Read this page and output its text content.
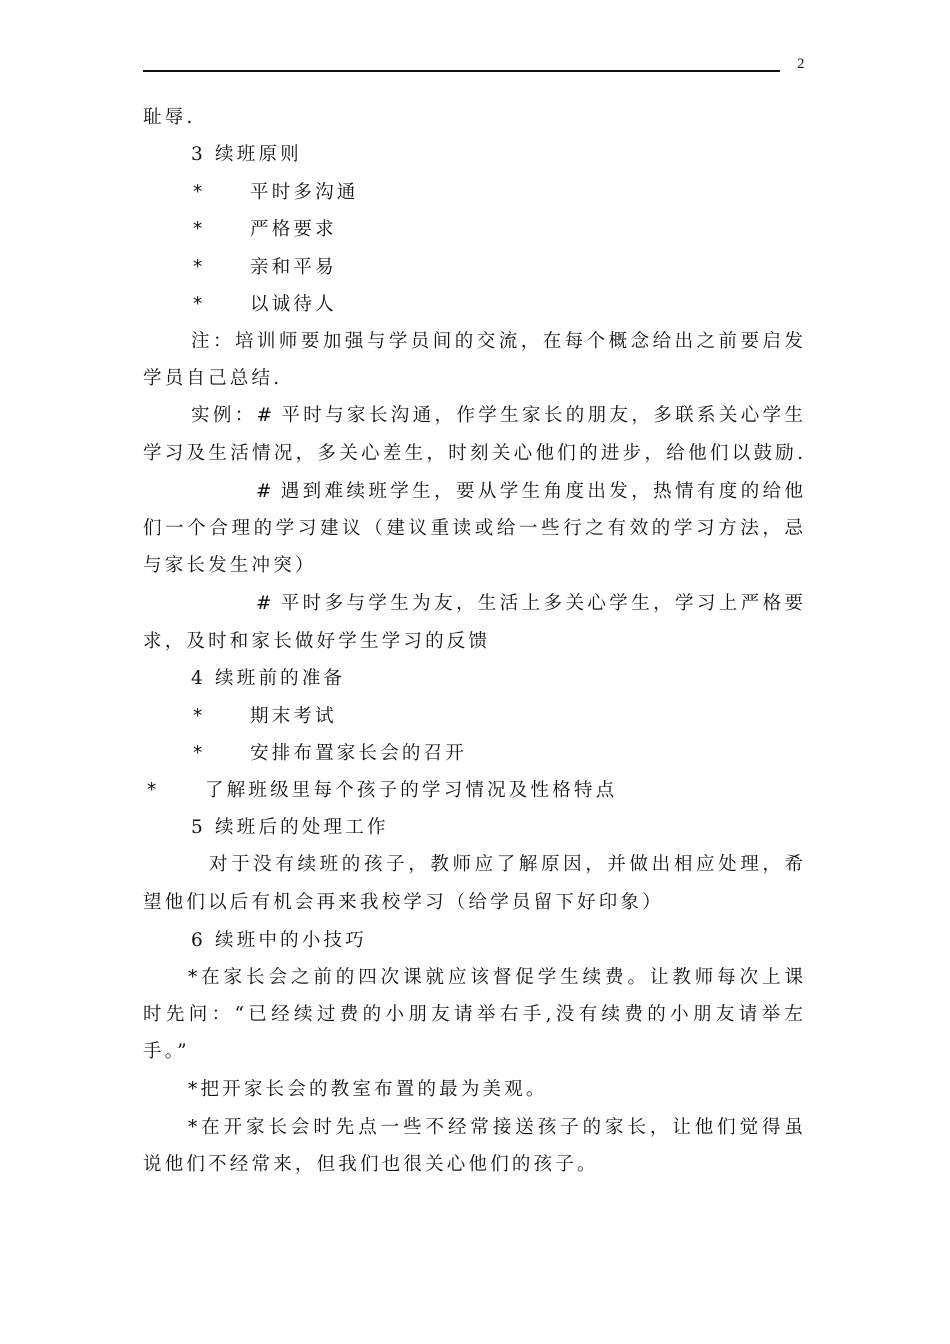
2
耻辱.
3 续班原则
*	平时多沟通
*	严格要求
*	亲和平易
*	以诚待人
注：培训师要加强与学员间的交流，在每个概念给出之前要启发
学员自己总结.
实例：# 平时与家长沟通，作学生家长的朋友，多联系关心学生
学习及生活情况，多关心差生，时刻关心他们的进步，给他们以鼓励.
# 遇到难续班学生，要从学生角度出发，热情有度的给他
们一个合理的学习建议（建议重读或给一些行之有效的学习方法，忌
与家长发生冲突）
# 平时多与学生为友，生活上多关心学生，学习上严格要
求，及时和家长做好学生学习的反馈
4 续班前的准备
*	期末考试
*	安排布置家长会的召开
*	了解班级里每个孩子的学习情况及性格特点
5 续班后的处理工作
对于没有续班的孩子，教师应了解原因，并做出相应处理，希
望他们以后有机会再来我校学习（给学员留下好印象）
6 续班中的小技巧
*在家长会之前的四次课就应该督促学生续费。让教师每次上课
时先问：“已经续过费的小朋友请举右手,没有续费的小朋友请举左
手。”
*把开家长会的教室布置的最为美观。
*在开家长会时先点一些不经常接送孩子的家长，让他们觉得虽
说他们不经常来，但我们也很关心他们的孩子。
